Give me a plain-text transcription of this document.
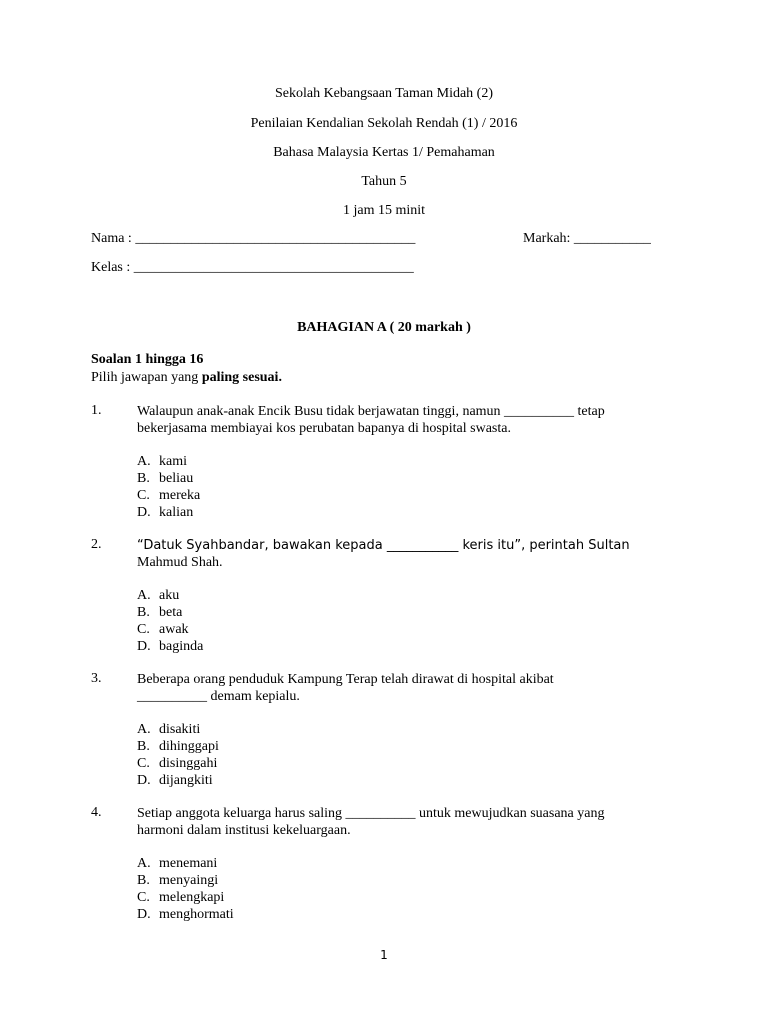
Sekolah Kebangsaan Taman Midah (2)
Penilaian Kendalian Sekolah Rendah (1) / 2016
Bahasa Malaysia Kertas 1/ Pemahaman
Tahun 5
1 jam 15 minit
Nama : ________________________________________	Markah: ___________
Kelas : ________________________________________
BAHAGIAN A ( 20 markah )
Soalan 1 hingga 16
Pilih jawapan yang paling sesuai.
1.	Walaupun anak-anak Encik Busu tidak berjawatan tinggi, namun __________ tetap
bekerjasama membiayai kos perubatan bapanya di hospital swasta.
A. kami
B. beliau
C. mereka
D. kalian
2.	“Datuk Syahbandar, bawakan kepada ___________ keris itu”, perintah Sultan
Mahmud Shah.
A. aku
B. beta
C. awak
D. baginda
3.	Beberapa orang penduduk Kampung Terap telah dirawat di hospital akibat
__________ demam kepialu.
A. disakiti
B. dihinggapi
C. disinggahi
D. dijangkiti
4.	Setiap anggota keluarga harus saling __________ untuk mewujudkan suasana yang
harmoni dalam institusi kekeluargaan.
A. menemani
B. menyaingi
C. melengkapi
D. menghormati
1
